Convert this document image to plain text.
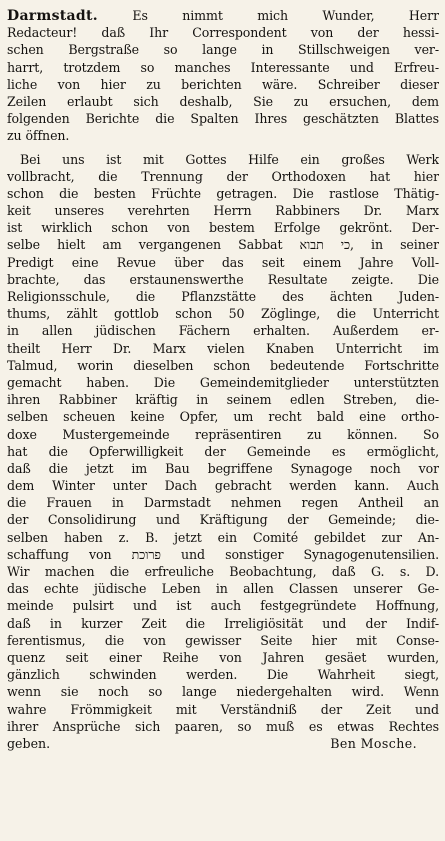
Darmstadt.	Es nimmt mich Wunder, Herr
Redacteur! daß Ihr Correspondent von der hessi-
schen Bergstraße so lange in Stillschweigen ver-
harrt, trotzdem so manches Interessante und Erfreu-
liche von hier zu berichten wäre. Schreiber dieser
Zeilen erlaubt sich deshalb, Sie zu ersuchen, dem
folgenden Berichte die Spalten Ihres geschätzten Blattes
zu öffnen.
Bei uns ist mit Gottes Hilfe ein großes Werk
vollbracht, die Trennung der Orthodoxen hat hier
schon die besten Früchte getragen. Die rastlose Thätig-
keit unseres verehrten Herrn Rabbiners Dr. Marx
ist wirklich schon von bestem Erfolge gekrönt. Der-
selbe hielt am vergangenen Sabbat כי תבוא, in seiner
Predigt eine Revue über das seit einem Jahre Voll-
brachte, das erstaunenswerthe Resultate zeigte. Die
Religionsschule, die Pflanzstätte des ächten Juden-
thums, zählt gottlob schon 50 Zöglinge, die Unterricht
in allen jüdischen Fächern erhalten. Außerdem er-
theilt Herr Dr. Marx vielen Knaben Unterricht im
Talmud, worin dieselben schon bedeutende Fortschritte
gemacht haben. Die Gemeindemitglieder unterstützten
ihren Rabbiner kräftig in seinem edlen Streben, die-
selben scheuen keine Opfer, um recht bald eine ortho-
doxe Mustergemeinde repräsentiren zu können. So
hat die Opferwilligkeit der Gemeinde es ermöglicht,
daß die jetzt im Bau begriffene Synagoge noch vor
dem Winter unter Dach gebracht werden kann. Auch
die Frauen in Darmstadt nehmen regen Antheil an
der Consolidirung und Kräftigung der Gemeinde; die-
selben haben z. B. jetzt ein Comité gebildet zur An-
schaffung von פרוכת und sonstiger Synagogenutensilien.
Wir machen die erfreuliche Beobachtung, daß G. s. D.
das echte jüdische Leben in allen Classen unserer Ge-
meinde pulsirt und ist auch festgegründete Hoffnung,
daß in kurzer Zeit die Irreligiösität und der Indif-
ferentismus, die von gewisser Seite hier mit Conse-
quenz seit einer Reihe von Jahren gesäet wurden,
gänzlich schwinden werden. Die Wahrheit siegt,
wenn sie noch so lange niedergehalten wird. Wenn
wahre Frömmigkeit mit Verständniß der Zeit und
ihrer Ansprüche sich paaren, so muß es etwas Rechtes
geben.	Ben Mosche.
